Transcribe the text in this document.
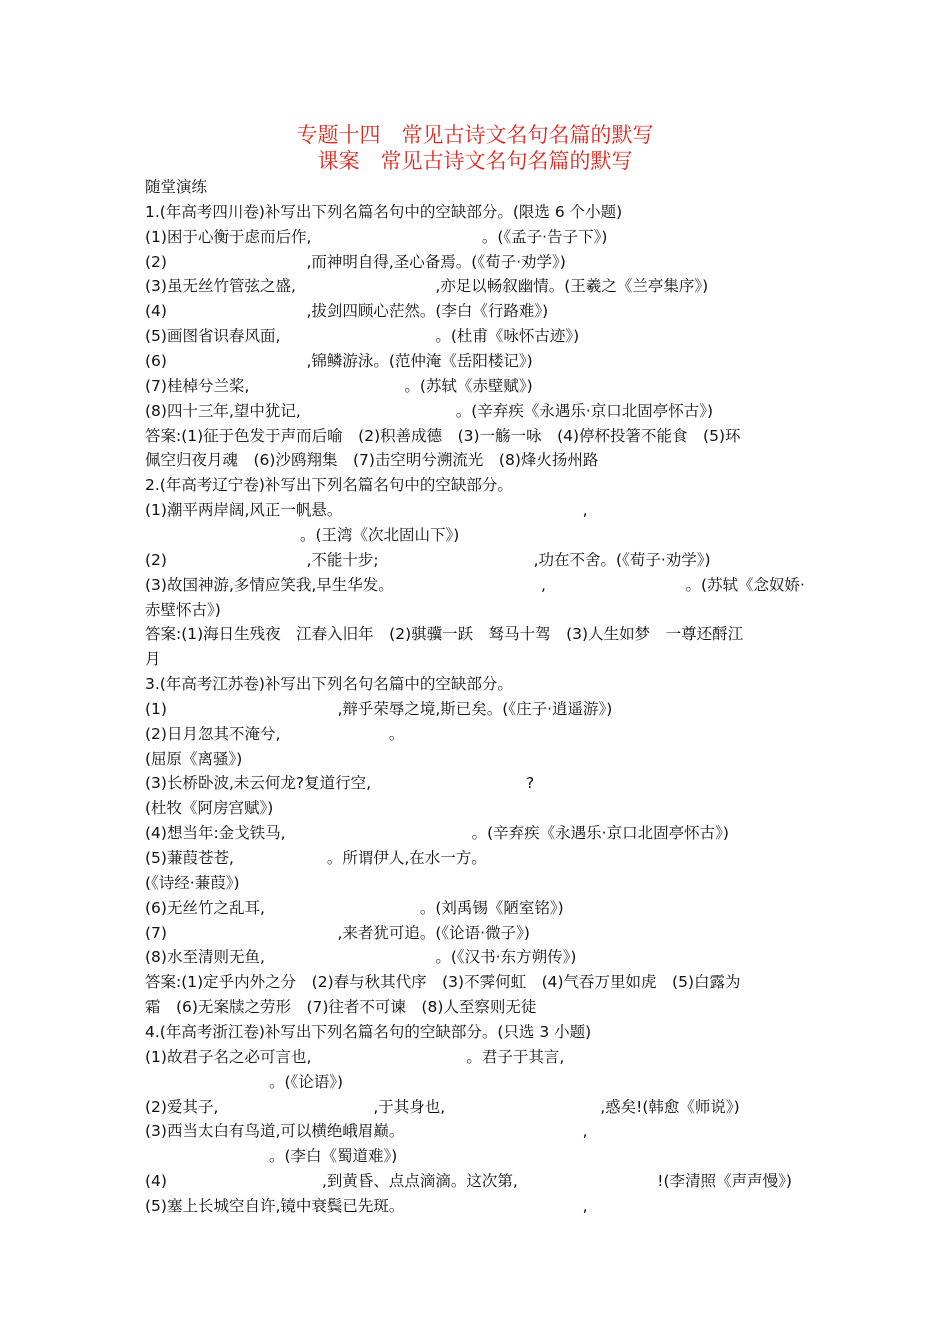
专题十四　常见古诗文名句名篇的默写
课案　常见古诗文名句名篇的默写
随堂演练
1.(年高考四川卷)补写出下列名篇名句中的空缺部分。(限选 6 个小题)
(1)困于心衡于虑而后作,　　　　　　　　　　　。(《孟子·告子下》)
(2)　　　　　　　　　,而神明自得,圣心备焉。(《荀子·劝学》)
(3)虽无丝竹管弦之盛,　　　　　　　　　,亦足以畅叙幽情。(王羲之《兰亭集序》)
(4)　　　　　　　　　,拔剑四顾心茫然。(李白《行路难》)
(5)画图省识春风面,　　　　　　　　　　。(杜甫《咏怀古迹》)
(6)　　　　　　　　　,锦鳞游泳。(范仲淹《岳阳楼记》)
(7)桂棹兮兰桨,　　　　　　　　　　。(苏轼《赤壁赋》)
(8)四十三年,望中犹记,　　　　　　　　　　。(辛弃疾《永遇乐·京口北固亭怀古》)
答案:(1)征于色发于声而后喻　(2)积善成德　(3)一觞一咏　(4)停杯投箸不能食　(5)环
佩空归夜月魂　(6)沙鸥翔集　(7)击空明兮溯流光　(8)烽火扬州路
2.(年高考辽宁卷)补写出下列名篇名句中的空缺部分。
(1)潮平两岸阔,风正一帆悬。　　　　　　　　　　　　　　　　,
　　　　　　　　　　。(王湾《次北固山下》)
(2)　　　　　　　　　,不能十步;　　　　　　　　　　,功在不舍。(《荀子·劝学》)
(3)故国神游,多情应笑我,早生华发。　　　　　　　　　　,　　　　　　　　　。(苏轼《念奴娇·
赤壁怀古》)
答案:(1)海日生残夜　江春入旧年　(2)骐骥一跃　驽马十驾　(3)人生如梦　一尊还酹江
月
3.(年高考江苏卷)补写出下列名句名篇中的空缺部分。
(1)　　　　　　　　　　　,辩乎荣辱之境,斯已矣。(《庄子·逍遥游》)
(2)日月忽其不淹兮,　　　　　　　。
(屈原《离骚》)
(3)长桥卧波,未云何龙?复道行空,　　　　　　　　　　?
(杜牧《阿房宫赋》)
(4)想当年:金戈铁马,　　　　　　　　　　　　。(辛弃疾《永遇乐·京口北固亭怀古》)
(5)蒹葭苍苍,　　　　　　。所谓伊人,在水一方。
(《诗经·蒹葭》)
(6)无丝竹之乱耳,　　　　　　　　　　。(刘禹锡《陋室铭》)
(7)　　　　　　　　　　　,来者犹可追。(《论语·微子》)
(8)水至清则无鱼,　　　　　　　　　　　。(《汉书·东方朔传》)
答案:(1)定乎内外之分　(2)春与秋其代序　(3)不霁何虹　(4)气吞万里如虎　(5)白露为
霜　(6)无案牍之劳形　(7)往者不可谏　(8)人至察则无徒
4.(年高考浙江卷)补写出下列名篇名句的空缺部分。(只选 3 小题)
(1)故君子名之必可言也,　　　　　　　　　　。君子于其言,
　　　　　　　　。(《论语》)
(2)爱其子,　　　　　　　　　　,于其身也,　　　　　　　　　　,惑矣!(韩愈《师说》)
(3)西当太白有鸟道,可以横绝峨眉巅。　　　　　　　　　　　　,
　　　　　　　　。(李白《蜀道难》)
(4)　　　　　　　　　　,到黄昏、点点滴滴。这次第,　　　　　　　　　!(李清照《声声慢》)
(5)塞上长城空自许,镜中衰鬓已先斑。　　　　　　　　　　　　,
